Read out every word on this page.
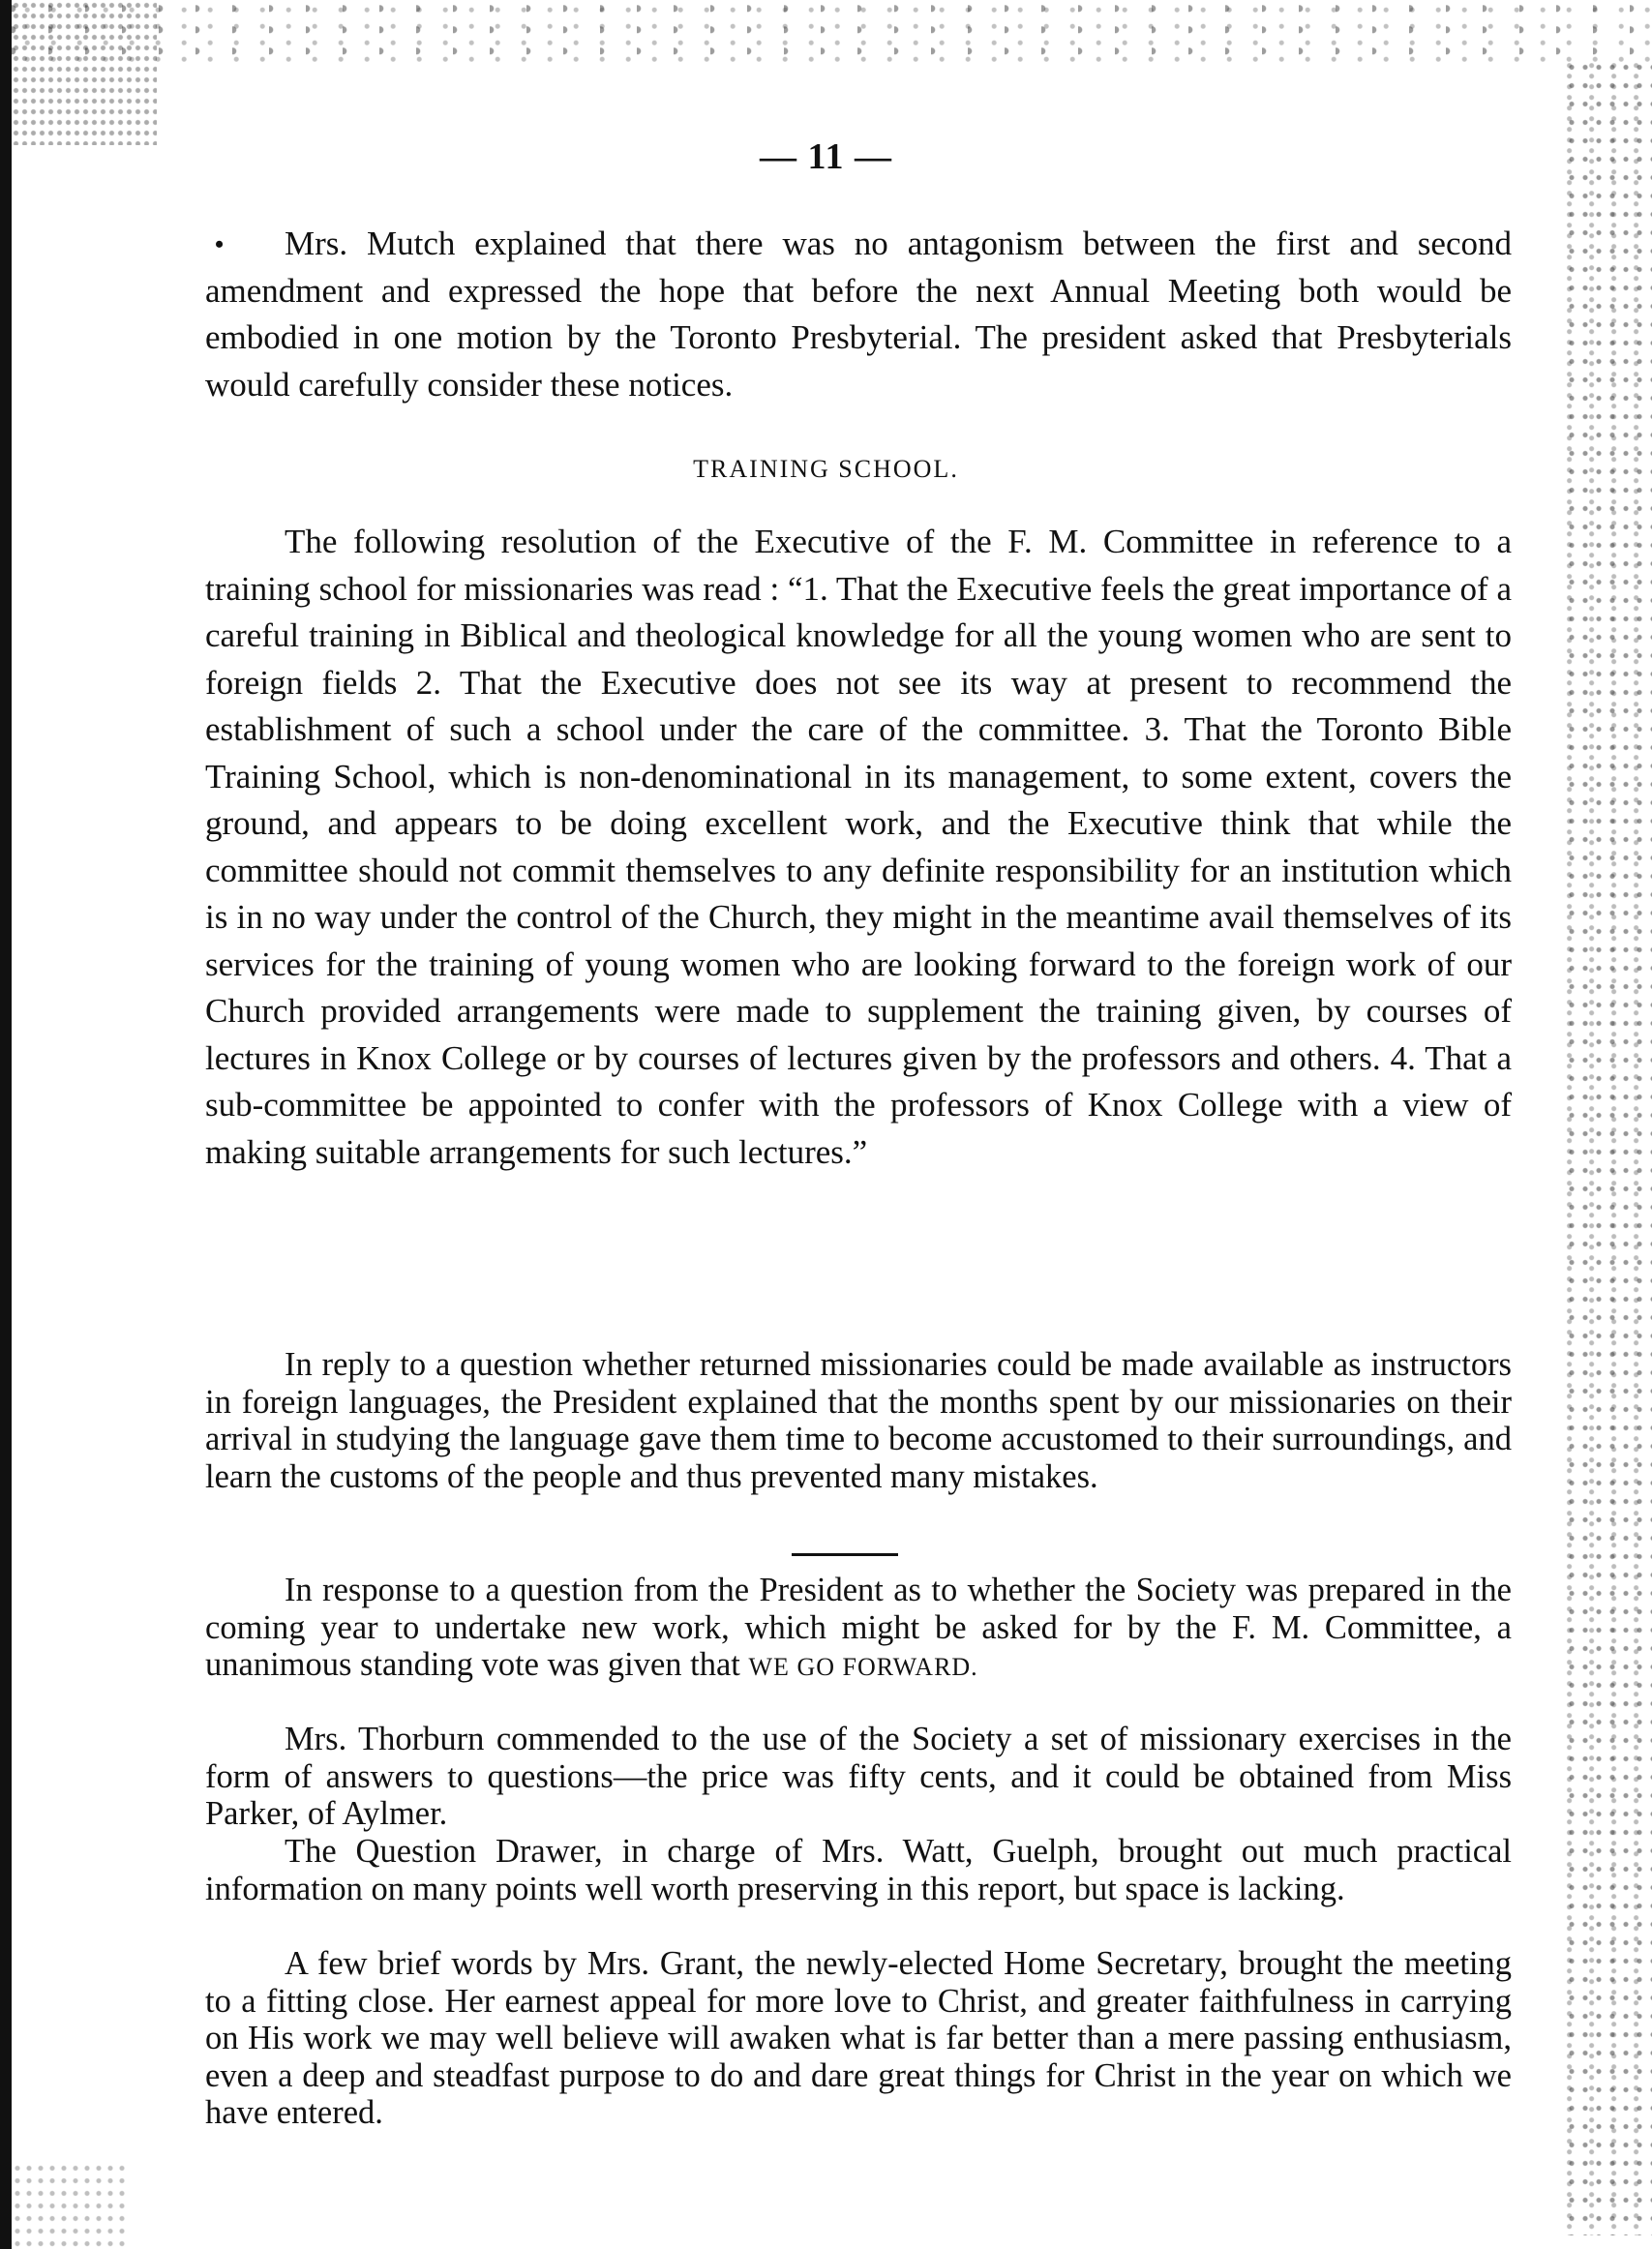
— 11 —
•	Mrs. Mutch explained that there was no antagonism between the first and second amendment and expressed the hope that before the next Annual Meeting both would be embodied in one motion by the Toronto Presbyterial. The president asked that Presbyterials would carefully consider these notices.

TRAINING SCHOOL.

The following resolution of the Executive of the F. M. Committee in reference to a training school for missionaries was read : “1. That the Executive feels the great importance of a careful training in Biblical and theological knowledge for all the young women who are sent to foreign fields 2. That the Executive does not see its way at present to recommend the establishment of such a school under the care of the committee. 3. That the Toronto Bible Training School, which is non-denominational in its management, to some extent, covers the ground, and appears to be doing excellent work, and the Executive think that while the committee should not commit themselves to any definite responsibility for an institution which is in no way under the control of the Church, they might in the meantime avail themselves of its services for the training of young women who are looking forward to the foreign work of our Church provided arrangements were made to supplement the training given, by courses of lectures in Knox College or by courses of lectures given by the professors and others. 4. That a sub-committee be appointed to confer with the professors of Knox College with a view of making suitable arrangements for such lectures.”

In reply to a question whether returned missionaries could be made available as instructors in foreign languages, the President explained that the months spent by our missionaries on their arrival in studying the language gave them time to become accustomed to their surroundings, and learn the customs of the people and thus prevented many mistakes.

In response to a question from the President as to whether the Society was prepared in the coming year to undertake new work, which might be asked for by the F. M. Committee, a unanimous standing vote was given that WE GO FORWARD.

Mrs. Thorburn commended to the use of the Society a set of missionary exercises in the form of answers to questions—the price was fifty cents, and it could be obtained from Miss Parker, of Aylmer.

The Question Drawer, in charge of Mrs. Watt, Guelph, brought out much practical information on many points well worth preserving in this report, but space is lacking.

A few brief words by Mrs. Grant, the newly-elected Home Secretary, brought the meeting to a fitting close. Her earnest appeal for more love to Christ, and greater faithfulness in carrying on His work we may well believe will awaken what is far better than a mere passing enthusiasm, even a deep and steadfast purpose to do and dare great things for Christ in the year on which we have entered.
